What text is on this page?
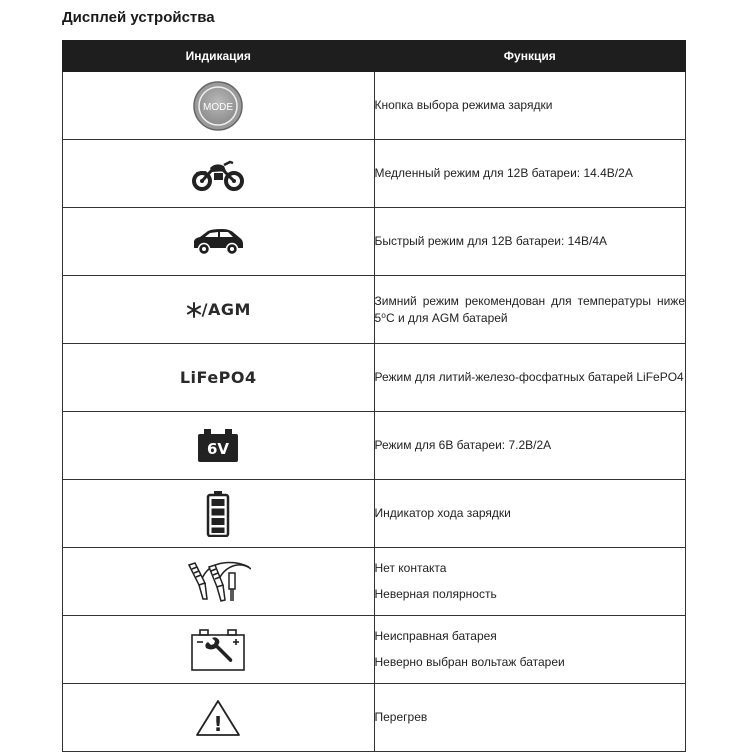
Дисплей устройства
Индикация	Функция

MODE	Кнопка выбора режима зарядки

Медленный режим для 12В батареи: 14.4В/2А

Быстрый режим для 12В батареи: 14В/4А

/AGM	Зимний режим рекомендован для температуры ниже 5⁰С и для AGM батарей

LiFePO4	Режим для литий-железо-фосфатных батарей LiFePO4

6V	Режим для 6В батареи: 7.2В/2А

Индикатор хода зарядки

Нет контакта
Неверная полярность

Неисправная батарея
Неверно выбран вольтаж батареи

!	Перегрев
